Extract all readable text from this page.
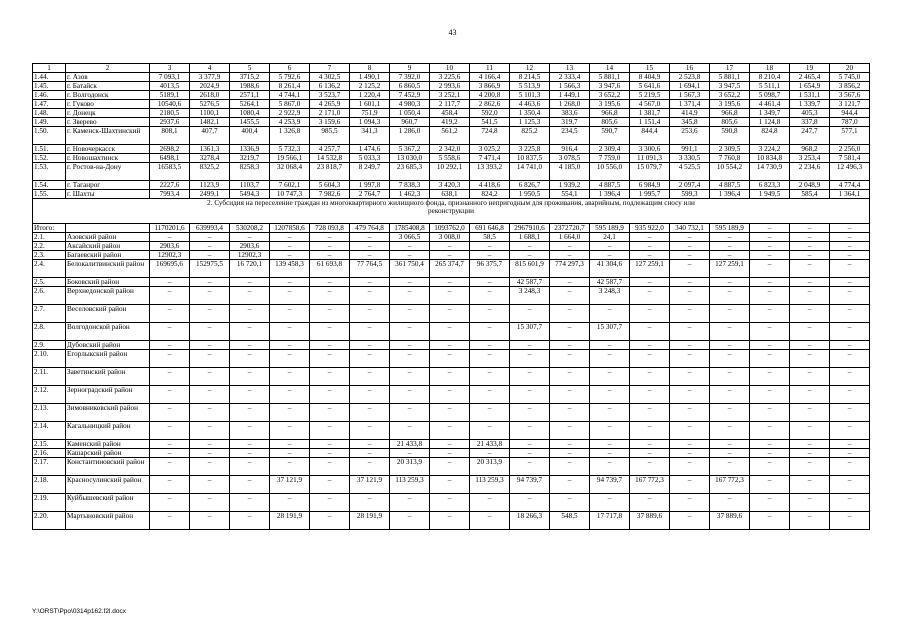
43
1	2	3	4	5	6	7	8	9	10	11	12	13	14	15	16	17	18	19	20
1.44.	г. Азов	7 093,1	3 377,9	3715,2	5 792,6	4 302,5	1 490,1	7 392,0	3 225,6	4 166,4	8 214,5	2 333,4	5 881,1	8 404,9	2 523,8	5 881,1	8 210,4	2 465,4	5 745,0
1.45.	г. Батайск	4013,5	2024,9	1988,6	8 261,4	6 136,2	2 125,2	6 860,5	2 993,6	3 866,9	5 513,9	1 566,3	3 947,6	5 641,6	1 694,1	3 947,5	5 511,1	1 654,9	3 856,2
1.46.	г. Волгодонск	5189,1	2618,0	2571,1	4 744,1	3 523,7	1 220,4	7 452,9	3 252,1	4 200,8	5 101,3	1 449,1	3 652,2	5 219,5	1 567,3	3 652,2	5 098,7	1 531,1	3 567,6
1.47.	г. Гуково	10540,6	5276,5	5264,1	5 867,0	4 265,9	1 601,1	4 980,3	2 117,7	2 862,6	4 463,6	1 268,0	3 195,6	4 567,0	1 371,4	3 195,6	4 461,4	1 339,7	3 121,7
1.48.	г. Донецк	2180,5	1100,1	1080,4	2 922,9	2 171,0	751,9	1 050,4	458,4	592,0	1 350,4	383,6	966,8	1 381,7	414,9	966,8	1 349,7	405,3	944,4
1.49.	г. Зверево	2937,6	1482,1	1455,5	4 253,9	3 159,6	1 094,3	960,7	419,2	541,5	1 125,3	319,7	805,6	1 151,4	345,8	805,6	1 124,8	337,8	787,0
1.50.	г. Каменск-Шахтинский	808,1	407,7	400,4	1 326,8	985,5	341,3	1 286,0	561,2	724,8	825,2	234,5	590,7	844,4	253,6	590,8	824,8	247,7	577,1
1.51.	г. Новочеркасск	2698,2	1361,3	1336,9	5 732,3	4 257,7	1 474,6	5 367,2	2 342,0	3 025,2	3 225,8	916,4	2 309,4	3 300,6	991,1	2 309,5	3 224,2	968,2	2 256,0
1.52.	г. Новошахтинск	6498,1	3278,4	3219,7	19 566,1	14 532,8	5 033,3	13 030,0	5 558,6	7 471,4	10 837,5	3 078,5	7 759,0	11 091,3	3 330,5	7 760,8	10 834,8	3 253,4	7 581,4
1.53.	г. Ростов-на-Дону	16583,5	8325,2	8258,3	32 068,4	23 818,7	8 249,7	23 685,3	10 292,1	13 393,2	14 741,0	4 185,0	10 556,0	15 079,7	4 525,5	10 554,2	14 730,9	2 234,6	12 496,3
1.54.	г. Таганрог	2227,6	1123,9	1103,7	7 602,1	5 604,3	1 997,8	7 838,3	3 420,3	4 418,6	6 826,7	1 939,2	4 887,5	6 984,9	2 097,4	4 887,5	6 823,3	2 048,9	4 774,4
1.55.	г. Шахты	7993,4	2499,1	5494,3	10 747,3	7 982,6	2 764,7	1 462,3	638,1	824,2	1 950,5	554,1	1 396,4	1 995,7	599,3	1 396,4	1 949,5	585,4	1 364,1
2. Субсидия на переселение граждан из многоквартирного жилищного фонда, признанного непригодным для проживания, аварийным, подлежащим сносу или реконструкции																			
Итого:		1170201,6	639993,4	530208,2	1207858,6	728 093,8	479 764,8	1785408,8	1093762,0	691 646,8	2967910,6	2372720,7	595 189,9	935 922,0	340 732,1	595 189,9	–	–	–
2.1.	Азовский район	–	–	–	–	–	–	3 066,5	3 008,0	58,5	1 688,1	1 664,0	24,1	–	–	–	–	–	–
2.2.	Аксайский район	2903,6	–	2903,6	–	–	–	–	–	–	–	–	–	–	–	–	–	–	–
2.3.	Багаевский район	12902,3	–	12902,3	–	–	–	–	–	–	–	–	–	–	–	–	–	–	–
2.4.	Белокалитвинский район	169695,6	152975,5	16 720,1	139 458,3	61 693,8	77 764,5	361 750,4	265 374,7	96 375,7	815 601,9	774 297,3	41 304,6	127 259,1	–	127 259,1	–	–	–
2.5.	Боковский район	–	–	–	–	–	–	–	–	–	42 587,7	–	42 587,7	–	–	–	–	–	–
2.6.	Верхнедонской район	–	–	–	–	–	–	–	–	–	3 248,3	–	3 248,3	–	–	–	–	–	–
2.7.	Веселовский район	–	–	–	–	–	–	–	–	–	–	–	–	–	–	–	–	–	–
2.8.	Волгодонской район	–	–	–	–	–	–	–	–	–	15 307,7	–	15 307,7	–	–	–	–	–	–
2.9.	Дубовский район	–	–	–	–	–	–	–	–	–	–	–	–	–	–	–	–	–	–
2.10.	Егорлыкский район	–	–	–	–	–	–	–	–	–	–	–	–	–	–	–	–	–	–
2.11.	Заветинский район	–	–	–	–	–	–	–	–	–	–	–	–	–	–	–	–	–	–
2.12.	Зерноградский район	–	–	–	–	–	–	–	–	–	–	–	–	–	–	–	–	–	–
2.13.	Зимовниковский район	–	–	–	–	–	–	–	–	–	–	–	–	–	–	–	–	–	–
2.14.	Кагальницкий район	–	–	–	–	–	–	–	–	–	–	–	–	–	–	–	–	–	–
2.15.	Каменский район	–	–	–	–	–	–	21 433,8	–	21 433,8	–	–	–	–	–	–	–	–	–
2.16.	Кашарский район	–	–	–	–	–	–	–	–	–	–	–	–	–	–	–	–	–	–
2.17.	Константиновский район	–	–	–	–	–	–	20 313,9	–	20 313,9	–	–	–	–	–	–	–	–	–
2.18.	Красносулинский район	–	–	–	37 121,9	–	37 121,9	113 259,3	–	113 259,3	94 739,7	–	94 739,7	167 772,3	–	167 772,3	–	–	–
2.19.	Куйбышевский район	–	–	–	–	–	–	–	–	–	–	–	–	–	–	–	–	–	–
2.20.	Мартыновский район	–	–	–	28 191,9	–	28 191,9	–	–	–	18 266,3	548,5	17 717,8	37 889,6	–	37 889,6	–	–	–
Y:\ORST\Ppo\0314p162.f2l.docx
